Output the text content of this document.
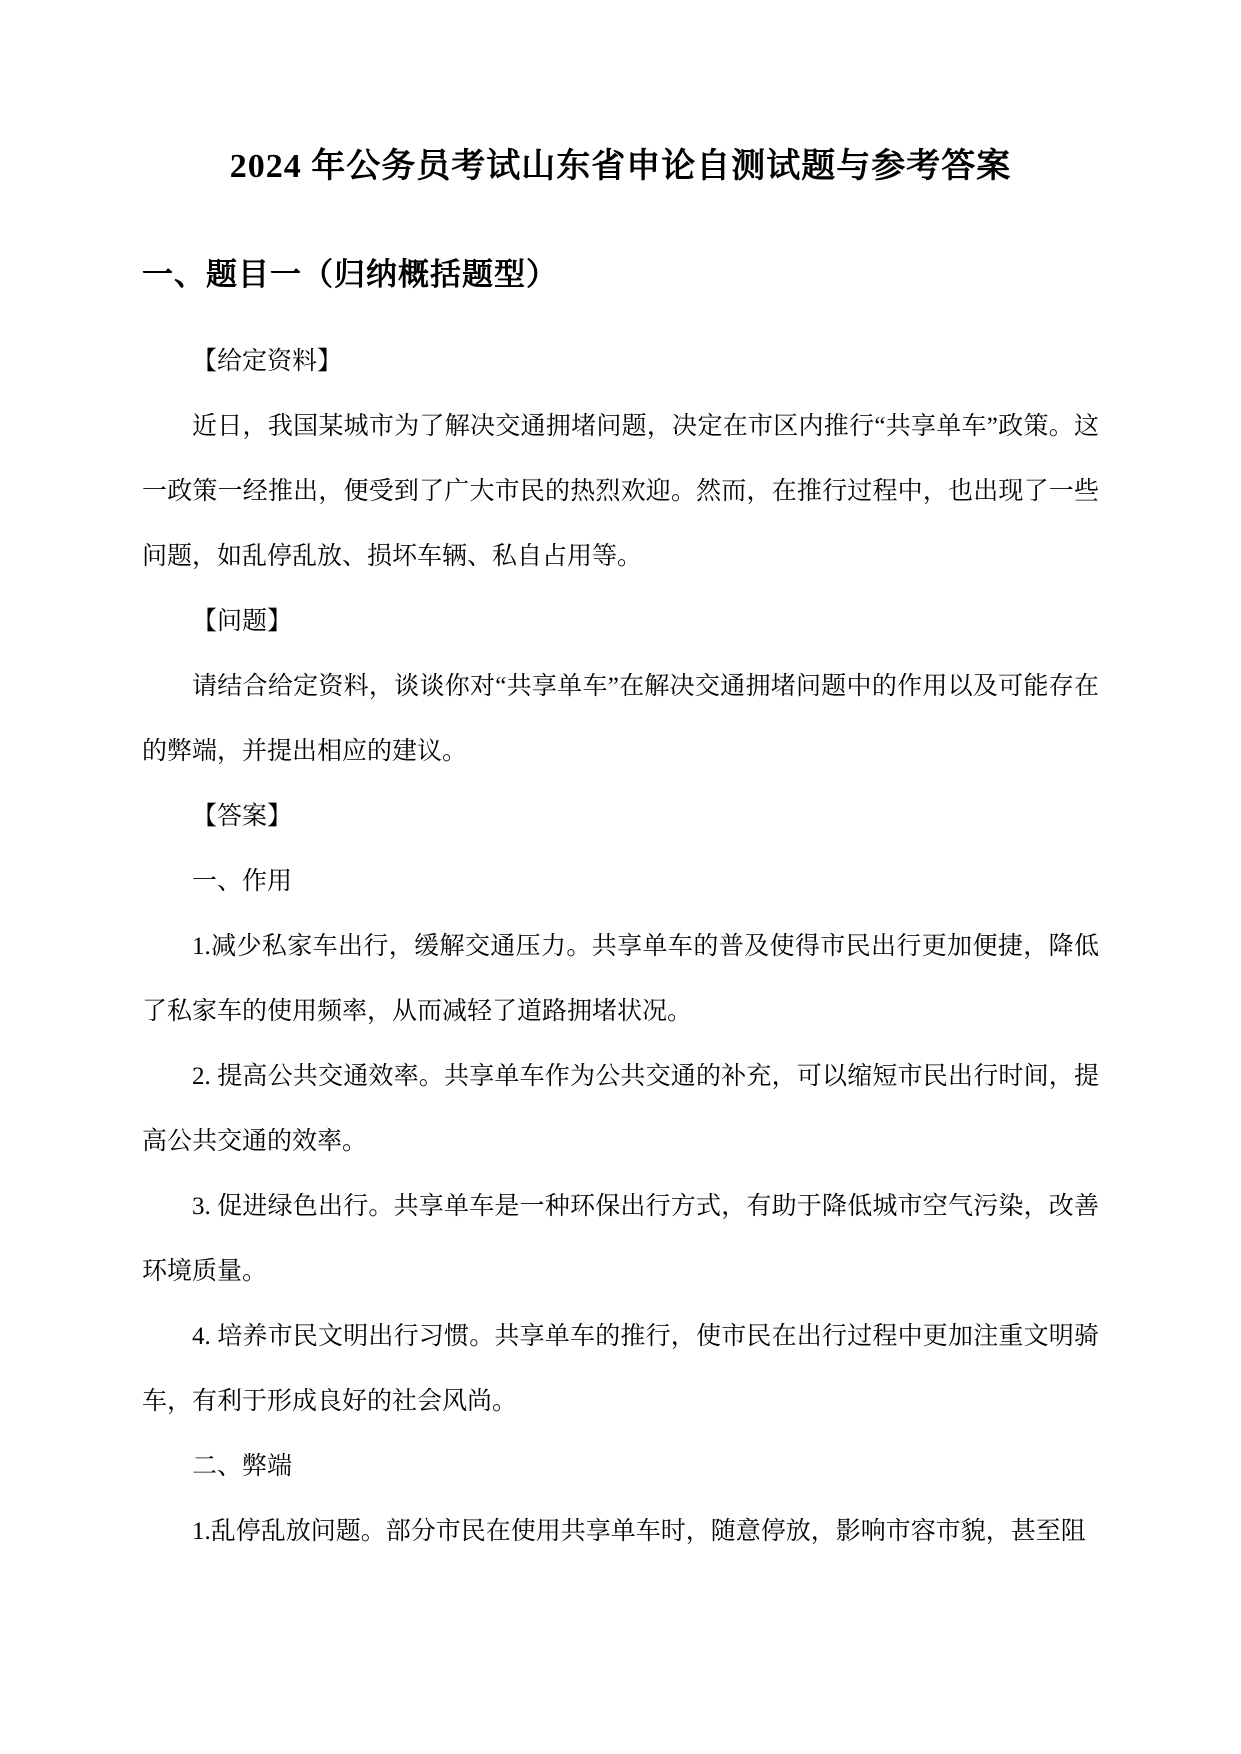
2024 年公务员考试山东省申论自测试题与参考答案
一、题目一（归纳概括题型）

【给定资料】

近日，我国某城市为了解决交通拥堵问题，决定在市区内推行“共享单车”政策。这一政策一经推出，便受到了广大市民的热烈欢迎。然而，在推行过程中，也出现了一些问题，如乱停乱放、损坏车辆、私自占用等。

【问题】

请结合给定资料，谈谈你对“共享单车”在解决交通拥堵问题中的作用以及可能存在的弊端，并提出相应的建议。

【答案】

一、作用

1.减少私家车出行，缓解交通压力。共享单车的普及使得市民出行更加便捷，降低了私家车的使用频率，从而减轻了道路拥堵状况。

2. 提高公共交通效率。共享单车作为公共交通的补充，可以缩短市民出行时间，提高公共交通的效率。

3. 促进绿色出行。共享单车是一种环保出行方式，有助于降低城市空气污染，改善环境质量。

4. 培养市民文明出行习惯。共享单车的推行，使市民在出行过程中更加注重文明骑车，有利于形成良好的社会风尚。

二、弊端

1.乱停乱放问题。部分市民在使用共享单车时，随意停放，影响市容市貌，甚至阻
